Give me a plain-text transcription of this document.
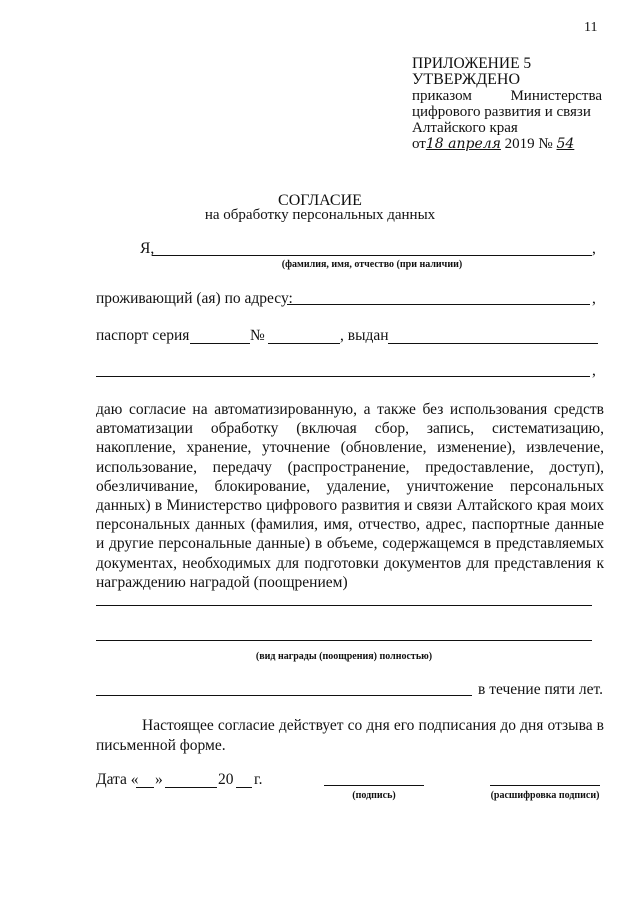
11
ПРИЛОЖЕНИЕ 5
УТВЕРЖДЕНО
приказом	Министерства
цифрового развития и связи
Алтайского края
от18 апреля 2019 № 54
СОГЛАСИЕ
на обработку персональных данных
Я,	,
(фамилия, имя, отчество (при наличии)
проживающий (ая) по адресу:	,
паспорт серия	№	, выдан
,
даю согласие на автоматизированную, а также без использования средств автоматизации обработку (включая сбор, запись, систематизацию, накопление, хранение, уточнение (обновление, изменение), извлечение, использование, передачу (распространение, предоставление, доступ), обезличивание, блокирование, удаление, уничтожение персональных данных) в Министерство цифрового развития и связи Алтайского края моих персональных данных (фамилия, имя, отчество, адрес, паспортные данные и другие персональные данные) в объеме, содержащемся в представляемых документах, необходимых для подготовки документов для представления к награждению наградой (поощрением)
(вид награды (поощрения) полностью)
в течение пяти лет.
Настоящее согласие действует со дня его подписания до дня отзыва в письменной форме.
Дата « »	20 г.
(подпись)	(расшифровка подписи)
